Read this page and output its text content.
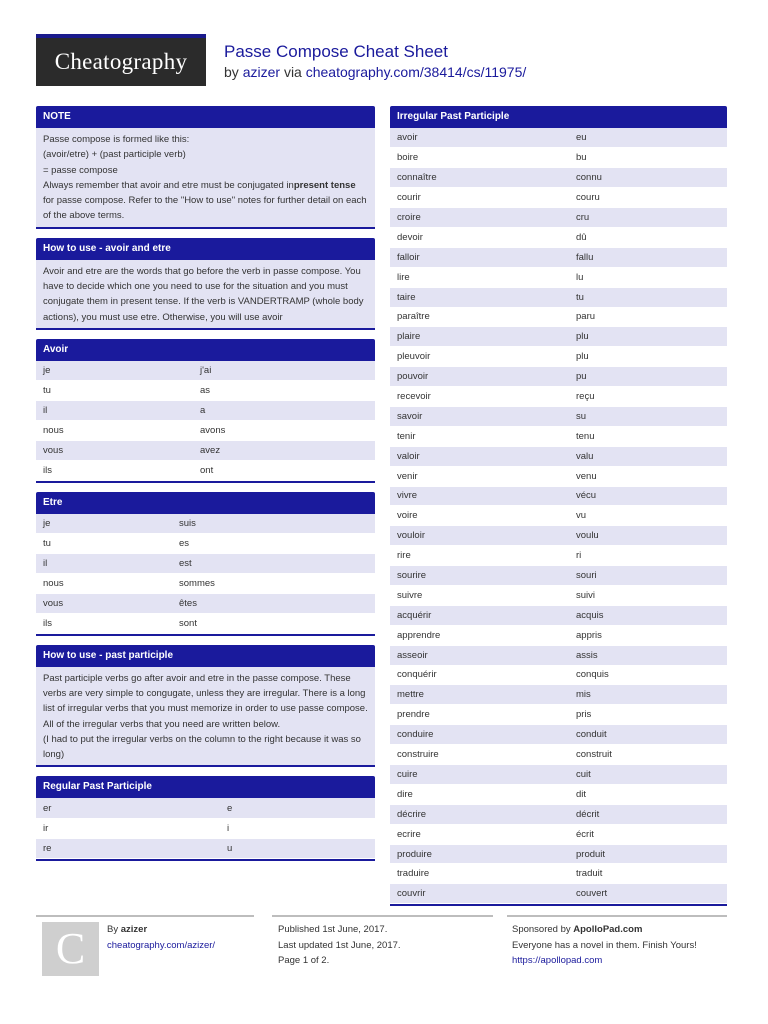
Cheatography Passe Compose Cheat Sheet
by azizer via cheatography.com/38414/cs/11975/
NOTE
Passe compose is formed like this:
(avoir/etre) + (past participle verb)
= passe compose
Always remember that avoir and etre must be conjugated inpresent tense for passe compose. Refer to the "How to use" notes for further detail on each of the above terms.
How to use - avoir and etre
Avoir and etre are the words that go before the verb in passe compose. You have to decide which one you need to use for the situation and you must conjugate them in present tense. If the verb is VANDERTRAMP (whole body actions), you must use etre. Otherwise, you will use avoir
Avoir
je	j'ai
tu	as
il	a
nous	avons
vous	avez
ils	ont
Etre
je	suis
tu	es
il	est
nous	sommes
vous	êtes
ils	sont
How to use - past participle
Past participle verbs go after avoir and etre in the passe compose. These verbs are very simple to congugate, unless they are irregular. There is a long list of irregular verbs that you must memorize in order to use passe compose. All of the irregular verbs that you need are written below.
(I had to put the irregular verbs on the column to the right because it was so long)
Regular Past Participle
er	e
ir	i
re	u
Irregular Past Participle
avoir	eu
boire	bu
connaître	connu
courir	couru
croire	cru
devoir	dû
falloir	fallu
lire	lu
taire	tu
paraître	paru
plaire	plu
pleuvoir	plu
pouvoir	pu
recevoir	reçu
savoir	su
tenir	tenu
valoir	valu
venir	venu
vivre	vécu
voire	vu
vouloir	voulu
rire	ri
sourire	souri
suivre	suivi
acquérir	acquis
apprendre	appris
asseoir	assis
conquérir	conquis
mettre	mis
prendre	pris
conduire	conduit
construire	construit
cuire	cuit
dire	dit
décrire	décrit
ecrire	écrit
produire	produit
traduire	traduit
couvrir	couvert
C By azizer
cheatography.com/azizer/
Published 1st June, 2017.
Last updated 1st June, 2017.
Page 1 of 2.
Sponsored by ApolloPad.com
Everyone has a novel in them. Finish Yours!
https://apollopad.com
